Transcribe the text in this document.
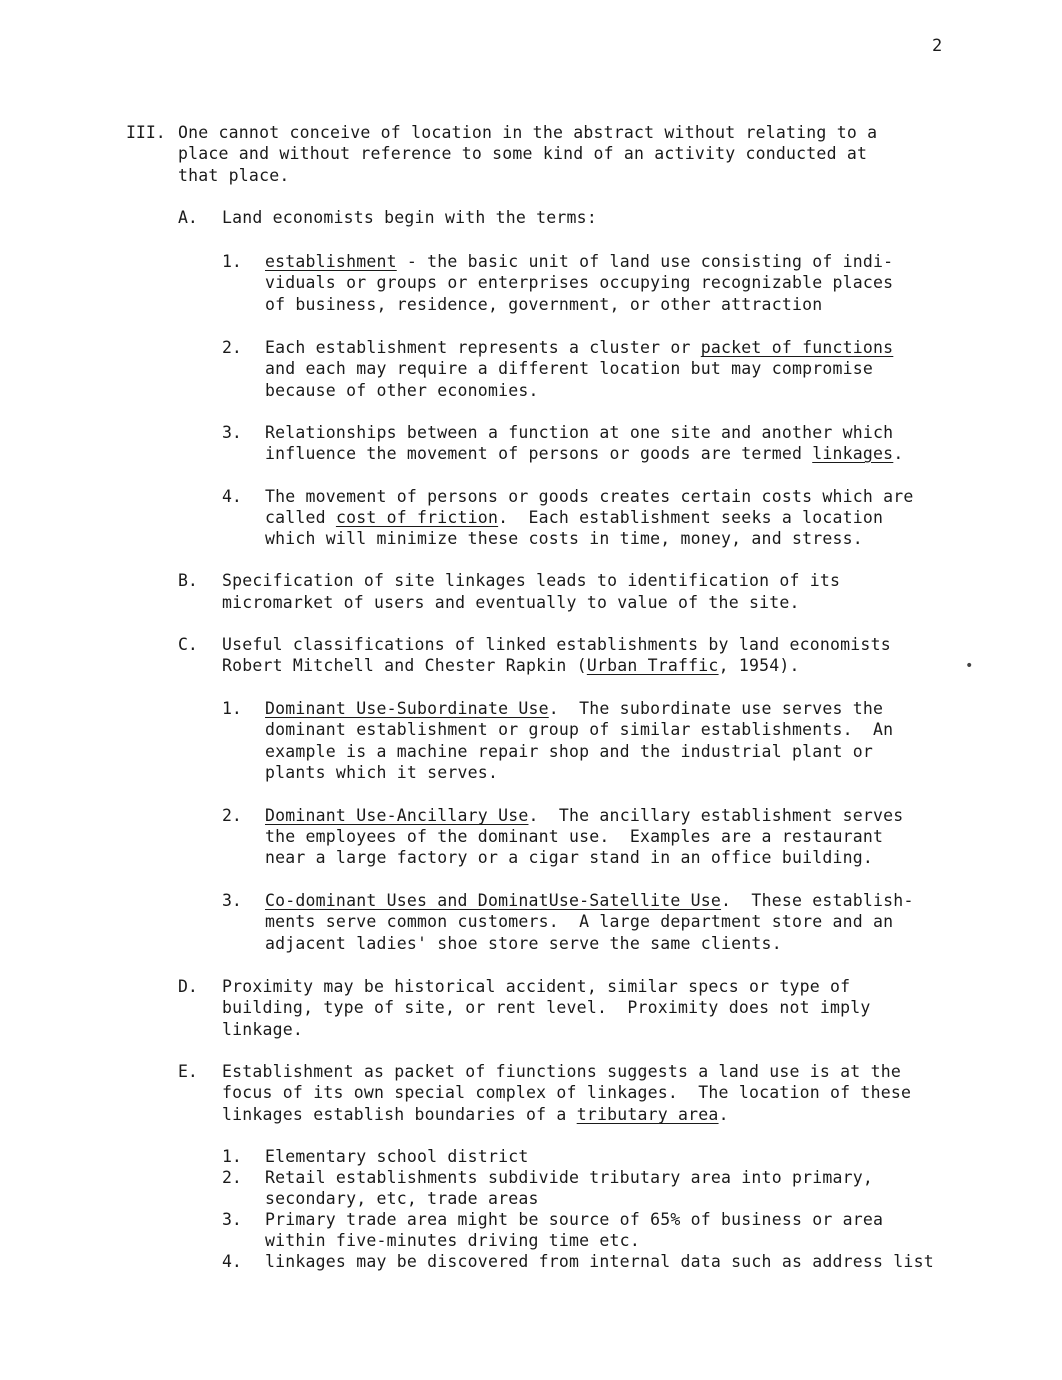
2
III. One cannot conceive of location in the abstract without relating to a
place and without reference to some kind of an activity conducted at
that place.
A. Land economists begin with the terms:
1. establishment - the basic unit of land use consisting of indi-
viduals or groups or enterprises occupying recognizable places
of business, residence, government, or other attraction
2. Each establishment represents a cluster or packet of functions
and each may require a different location but may compromise
because of other economies.
3. Relationships between a function at one site and another which
influence the movement of persons or goods are termed linkages.
4. The movement of persons or goods creates certain costs which are
called cost of friction.  Each establishment seeks a location
which will minimize these costs in time, money, and stress.
B. Specification of site linkages leads to identification of its
micromarket of users and eventually to value of the site.
C. Useful classifications of linked establishments by land economists
Robert Mitchell and Chester Rapkin (Urban Traffic, 1954).	•
1. Dominant Use-Subordinate Use.  The subordinate use serves the
dominant establishment or group of similar establishments.  An
example is a machine repair shop and the industrial plant or
plants which it serves.
2. Dominant Use-Ancillary Use.  The ancillary establishment serves
the employees of the dominant use.  Examples are a restaurant
near a large factory or a cigar stand in an office building.
3. Co-dominant Uses and DominatUse-Satellite Use.  These establish-
ments serve common customers.  A large department store and an
adjacent ladies' shoe store serve the same clients.
D. Proximity may be historical accident, similar specs or type of
building, type of site, or rent level.  Proximity does not imply
linkage.
E. Establishment as packet of fiunctions suggests a land use is at the
focus of its own special complex of linkages.  The location of these
linkages establish boundaries of a tributary area.
1. Elementary school district
2. Retail establishments subdivide tributary area into primary,
secondary, etc, trade areas
3. Primary trade area might be source of 65% of business or area
within five-minutes driving time etc.
4. linkages may be discovered from internal data such as address list
